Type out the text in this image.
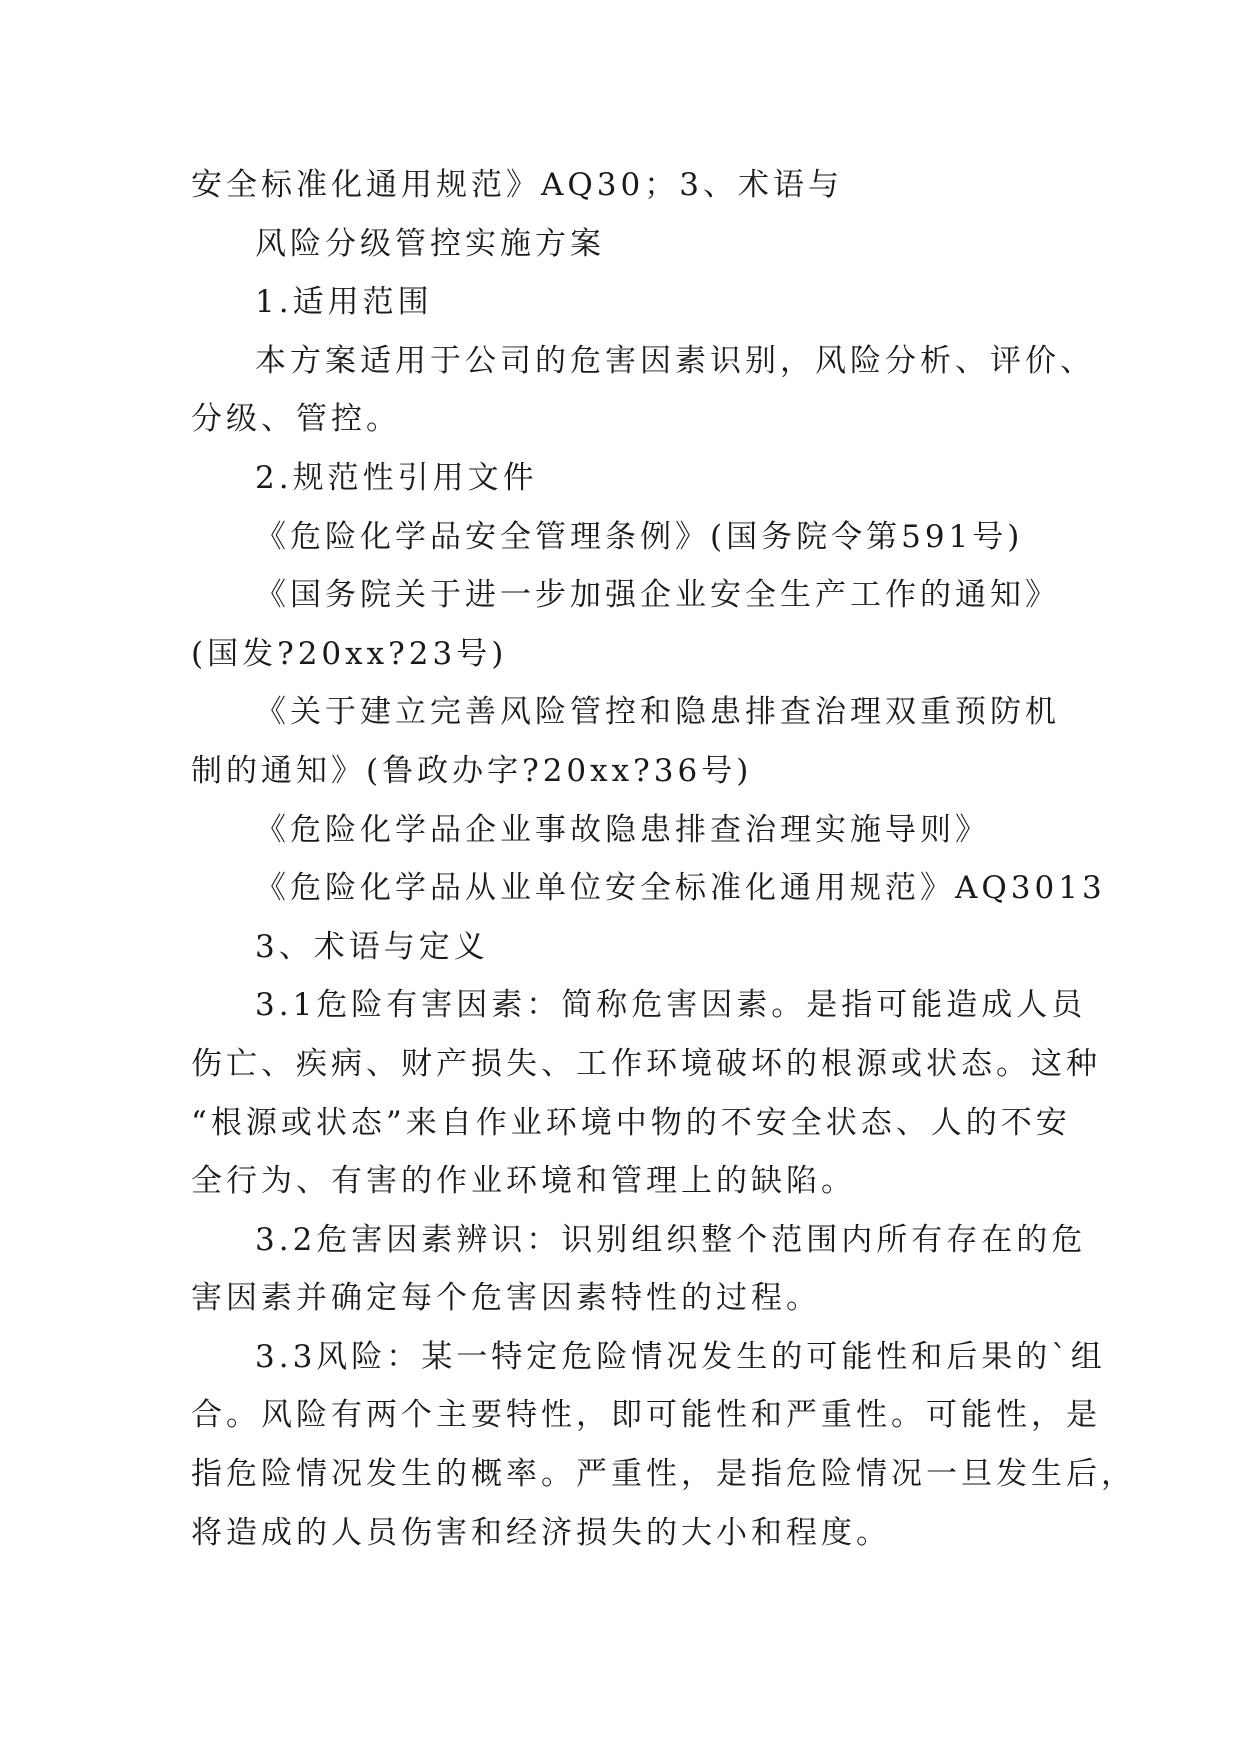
安全标准化通用规范》AQ30；3、术语与

风险分级管控实施方案

1.适用范围

本方案适用于公司的危害因素识别，风险分析、评价、

分级、管控。

2.规范性引用文件

《危险化学品安全管理条例》(国务院令第591号)

《国务院关于进一步加强企业安全生产工作的通知》

(国发?20xx?23号)

《关于建立完善风险管控和隐患排查治理双重预防机

制的通知》(鲁政办字?20xx?36号)

《危险化学品企业事故隐患排查治理实施导则》

《危险化学品从业单位安全标准化通用规范》AQ3013

3、术语与定义

3.1危险有害因素：简称危害因素。是指可能造成人员

伤亡、疾病、财产损失、工作环境破坏的根源或状态。这种

“根源或状态”来自作业环境中物的不安全状态、人的不安

全行为、有害的作业环境和管理上的缺陷。

3.2危害因素辨识：识别组织整个范围内所有存在的危

害因素并确定每个危害因素特性的过程。

3.3风险：某一特定危险情况发生的可能性和后果的`组

合。风险有两个主要特性，即可能性和严重性。可能性，是

指危险情况发生的概率。严重性，是指危险情况一旦发生后，

将造成的人员伤害和经济损失的大小和程度。
